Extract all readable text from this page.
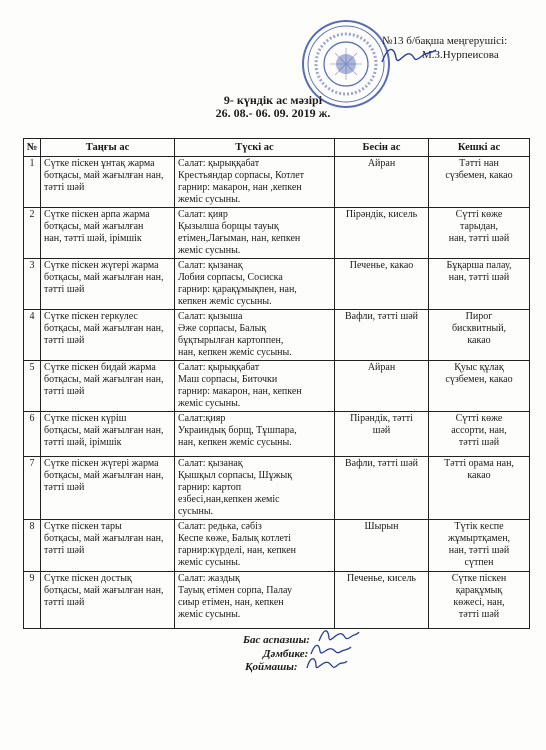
№13 б/бақша меңгерушісі:
М.З.Нурпеисова
9- күндік ас мәзірі
26. 08.- 06. 09. 2019 ж.
№	Таңғы ас	Түскі ас	Бесін ас	Кешкі ас
1	Сүтке піскен ұнтақ жарма
ботқасы, май жағылған нан,
тәтті шәй	Салат: қырыққабат
Крестьяндар сорпасы, Котлет
гарнир: макарон, нан ,кепкен
жеміс сусыны.	Айран	Тәтті нан
сүзбемен, какао

2	Сүтке піскен арпа жарма
ботқасы, май жағылған
нан, тәтті шәй, ірімшік	Салат: қияр
Қызылша борщы тауық
етімен,Лағыман, нан, кепкен
жеміс сусыны.	Пірәндік, кисель	Сүтті көже
тарыдан,
нан, тәтті шәй

3	Сүтке піскен жүгері жарма
ботқасы, май жағылған нан,
тәтті шәй	Салат: қызанақ
Лобия сорпасы, Сосиска
гарнир: қарақұмықпен, нан,
кепкен жеміс сусыны.	Печенье, какао	Бұқарша палау,
нан, тәтті шәй

4	Сүтке піскен геркулес
ботқасы, май жағылған нан,
тәтті шәй	Салат: қызыша
Әже сорпасы, Балық
бұқтырылған картоппен,
нан, кепкен жеміс сусыны.	Вафли, тәтті шәй	Пирог
бисквитный,
какао

5	Сүтке піскен бидай жарма
ботқасы, май жағылған нан,
тәтті шәй	Салат: қырыққабат
Маш сорпасы, Биточки
гарнир: макарон, нан, кепкен
жеміс сусыны.	Айран	Қуыс құлақ
сүзбемен, какао

6	Сүтке піскен күріш
ботқасы, май жағылған нан,
тәтті шәй, ірімшік	Салат:қияр
Украиндық борщ, Тұшпара,
нан, кепкен жеміс сусыны.	Пірәндік, тәтті
шәй	Сүтті көже
ассорти, нан,
тәтті шәй

7	Сүтке піскен жүгері жарма
ботқасы, май жағылған нан,
тәтті шәй	Салат: қызанақ
Қышқыл сорпасы, Шұжық
гарнир: картоп
езбесі,нан,кепкен жеміс
сусыны.	Вафли, тәтті шәй	Тәтті орама нан,
какао

8	Сүтке піскен тары
ботқасы, май жағылған нан,
тәтті шәй	Салат: редька, сәбіз
Кеспе көже, Балық котлеті
гарнир:күрделі, нан, кепкен
жеміс сусыны.	Шырын	Түтік кеспе
жұмыртқамен,
нан, тәтті шәй
сүтпен

9	Сүтке піскен достық
ботқасы, май жағылған нан,
тәтті шәй	Салат: жаздық
Тауық етімен сорпа, Палау
сиыр етімен, нан, кепкен
жеміс сусыны.	Печенье, кисель	Сүтке піскен
қарақұмық
көжесі, нан,
тәтті шәй
Бас аспазшы:
Дәмбике:
Қоймашы:
